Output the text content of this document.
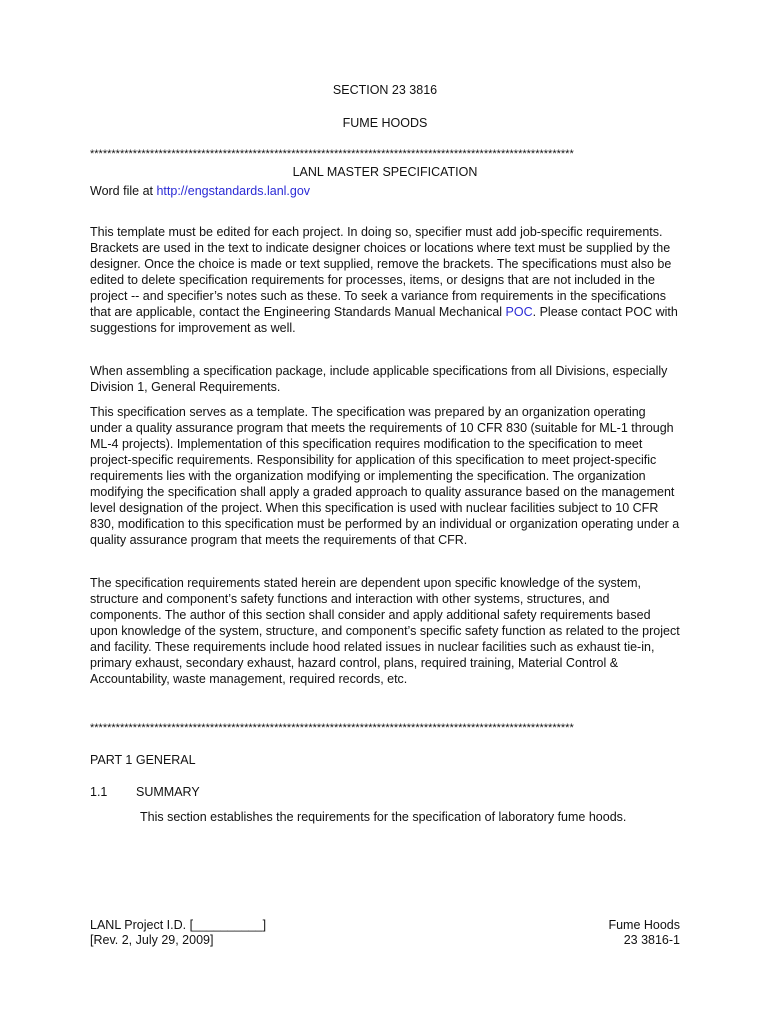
SECTION 23 3816
FUME HOODS
*****************************************************************************************************************
LANL MASTER SPECIFICATION
Word file at http://engstandards.lanl.gov

This template must be edited for each project. In doing so, specifier must add job-specific requirements. Brackets are used in the text to indicate designer choices or locations where text must be supplied by the designer. Once the choice is made or text supplied, remove the brackets. The specifications must also be edited to delete specification requirements for processes, items, or designs that are not included in the project -- and specifier’s notes such as these. To seek a variance from requirements in the specifications that are applicable, contact the Engineering Standards Manual Mechanical POC. Please contact POC with suggestions for improvement as well.

When assembling a specification package, include applicable specifications from all Divisions, especially Division 1, General Requirements.

This specification serves as a template. The specification was prepared by an organization operating under a quality assurance program that meets the requirements of 10 CFR 830 (suitable for ML-1 through ML-4 projects). Implementation of this specification requires modification to the specification to meet project-specific requirements. Responsibility for application of this specification to meet project-specific requirements lies with the organization modifying or implementing the specification. The organization modifying the specification shall apply a graded approach to quality assurance based on the management level designation of the project. When this specification is used with nuclear facilities subject to 10 CFR 830, modification to this specification must be performed by an individual or organization operating under a quality assurance program that meets the requirements of that CFR.

The specification requirements stated herein are dependent upon specific knowledge of the system, structure and component’s safety functions and interaction with other systems, structures, and components. The author of this section shall consider and apply additional safety requirements based upon knowledge of the system, structure, and component’s specific safety function as related to the project and facility. These requirements include hood related issues in nuclear facilities such as exhaust tie-in, primary exhaust, secondary exhaust, hazard control, plans, required training, Material Control & Accountability, waste management, required records, etc.

*****************************************************************************************************************
PART 1 GENERAL
1.1 SUMMARY
This section establishes the requirements for the specification of laboratory fume hoods.
LANL Project I.D. [__________]
[Rev. 2, July 29, 2009]
Fume Hoods
23 3816-1
